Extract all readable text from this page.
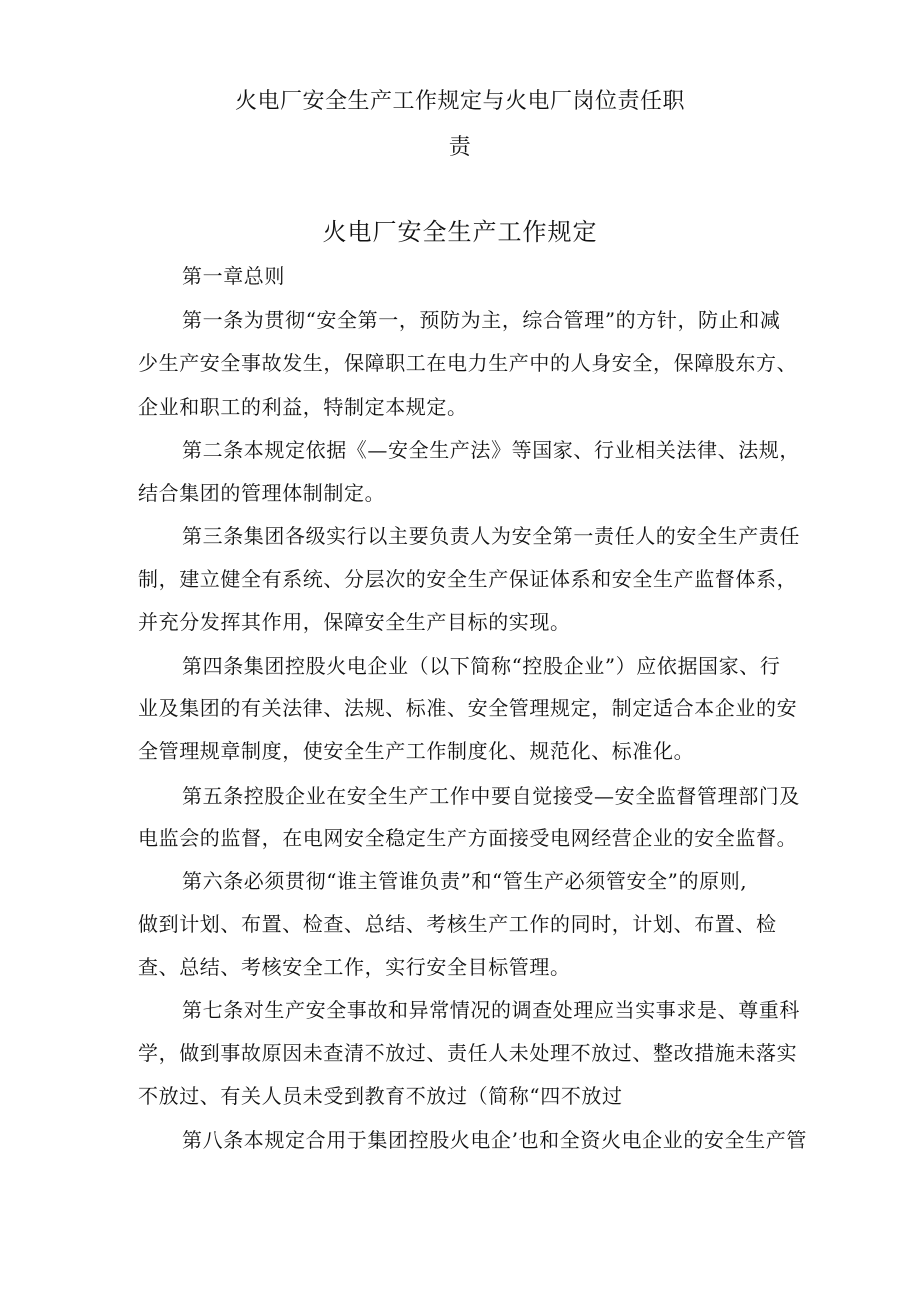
火电厂安全生产工作规定与火电厂岗位责任职
责
火电厂安全生产工作规定
第一章总则
第一条为贯彻“安全第一，预防为主，综合管理”的方针，防止和减
少生产安全事故发生，保障职工在电力生产中的人身安全，保障股东方、
企业和职工的利益，特制定本规定。
第二条本规定依据《—安全生产法》等国家、行业相关法律、法规，
结合集团的管理体制制定。
第三条集团各级实行以主要负责人为安全第一责任人的安全生产责任
制，建立健全有系统、分层次的安全生产保证体系和安全生产监督体系，
并充分发挥其作用，保障安全生产目标的实现。
第四条集团控股火电企业（以下简称“控股企业”）应依据国家、行
业及集团的有关法律、法规、标准、安全管理规定，制定适合本企业的安
全管理规章制度，使安全生产工作制度化、规范化、标准化。
第五条控股企业在安全生产工作中要自觉接受—安全监督管理部门及
电监会的监督，在电网安全稳定生产方面接受电网经营企业的安全监督。
第六条必须贯彻“谁主管谁负责”和“管生产必须管安全”的原则,
做到计划、布置、检查、总结、考核生产工作的同时，计划、布置、检
查、总结、考核安全工作，实行安全目标管理。
第七条对生产安全事故和异常情况的调查处理应当实事求是、尊重科
学，做到事故原因未查清不放过、责任人未处理不放过、整改措施未落实
不放过、有关人员未受到教育不放过（简称“四不放过
第八条本规定合用于集团控股火电企’也和全资火电企业的安全生产管
